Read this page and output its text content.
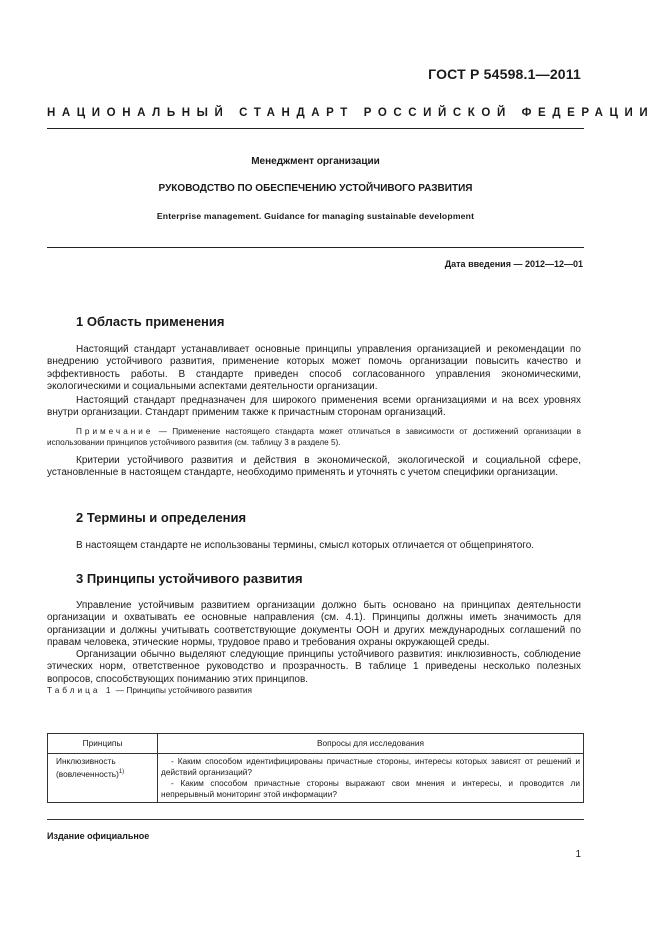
ГОСТ Р 54598.1—2011
НАЦИОНАЛЬНЫЙ СТАНДАРТ РОССИЙСКОЙ ФЕДЕРАЦИИ
Менеджмент организации
РУКОВОДСТВО ПО ОБЕСПЕЧЕНИЮ УСТОЙЧИВОГО РАЗВИТИЯ
Enterprise management. Guidance for managing sustainable development
Дата введения — 2012—12—01
1 Область применения

Настоящий стандарт устанавливает основные принципы управления организацией и рекомендации по внедрению устойчивого развития, применение которых может помочь организации повысить качество и эффективность работы. В стандарте приведен способ согласованного управления экономическими, экологическими и социальными аспектами деятельности организации.

Настоящий стандарт предназначен для широкого применения всеми организациями и на всех уровнях внутри организации. Стандарт применим также к причастным сторонам организаций.

Примечание — Применение настоящего стандарта может отличаться в зависимости от достижений организации в использовании принципов устойчивого развития (см. таблицу 3 в разделе 5).

Критерии устойчивого развития и действия в экономической, экологической и социальной сфере, установленные в настоящем стандарте, необходимо применять и уточнять с учетом специфики организации.

2 Термины и определения

В настоящем стандарте не использованы термины, смысл которых отличается от общепринятого.

3 Принципы устойчивого развития

Управление устойчивым развитием организации должно быть основано на принципах деятельности организации и охватывать ее основные направления (см. 4.1). Принципы должны иметь значимость для организации и должны учитывать соответствующие документы ООН и других международных соглашений по правам человека, этические нормы, трудовое право и требования охраны окружающей среды.

Организации обычно выделяют следующие принципы устойчивого развития: инклюзивность, соблюдение этических норм, ответственное руководство и прозрачность. В таблице 1 приведены несколько полезных вопросов, способствующих пониманию этих принципов.

Таблица 1 — Принципы устойчивого развития
Принципы	Вопросы для исследования
Инклюзивность (вовлеченность)$^{1)}$	- Каким способом идентифицированы причастные стороны, интересы которых зависят от решений и действий организаций?
- Каким способом причастные стороны выражают свои мнения и интересы, и проводится ли непрерывный мониторинг этой информации?
Издание официальное
1
